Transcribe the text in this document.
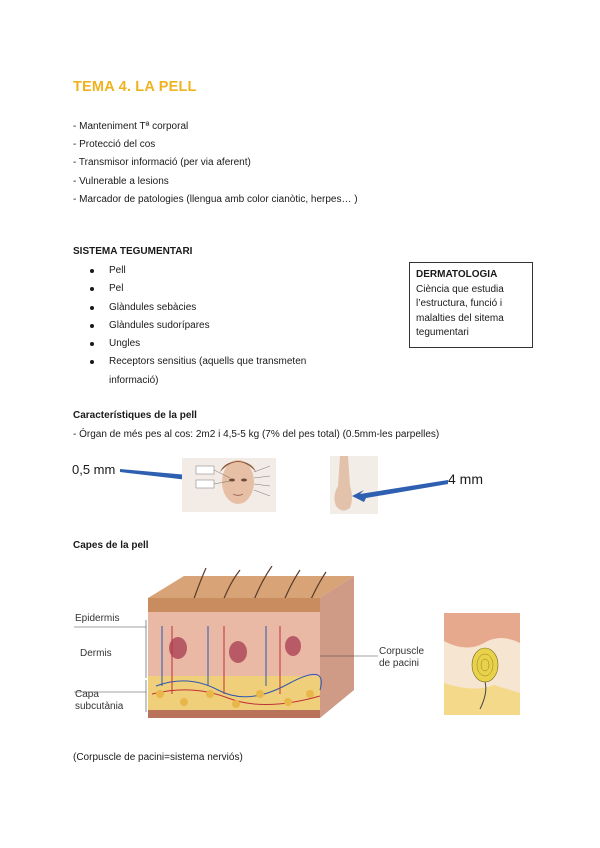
TEMA 4. LA PELL
- Manteniment Tª corporal
- Protecció del cos
- Transmisor informació (per via aferent)
- Vulnerable a lesions
- Marcador de patologies (llengua amb color cianòtic, herpes… )
SISTEMA TEGUMENTARI
Pell
Pel
Glàndules sebàcies
Glàndules sudorípares
Ungles
Receptors sensitius (aquells que transmeten informació)
DERMATOLOGIA
Ciència que estudia l’estructura, funció i malalties del sitema tegumentari
Característiques de la pell
- Órgan de més pes al cos: 2m2 i 4,5-5 kg (7% del pes total) (0.5mm-les parpelles)
0,5 mm
4 mm
Capes de la pell
Epidermis
Dermis
Capa
subcutània
Corpuscle
de pacini
(Corpuscle de pacini=sistema nerviós)
